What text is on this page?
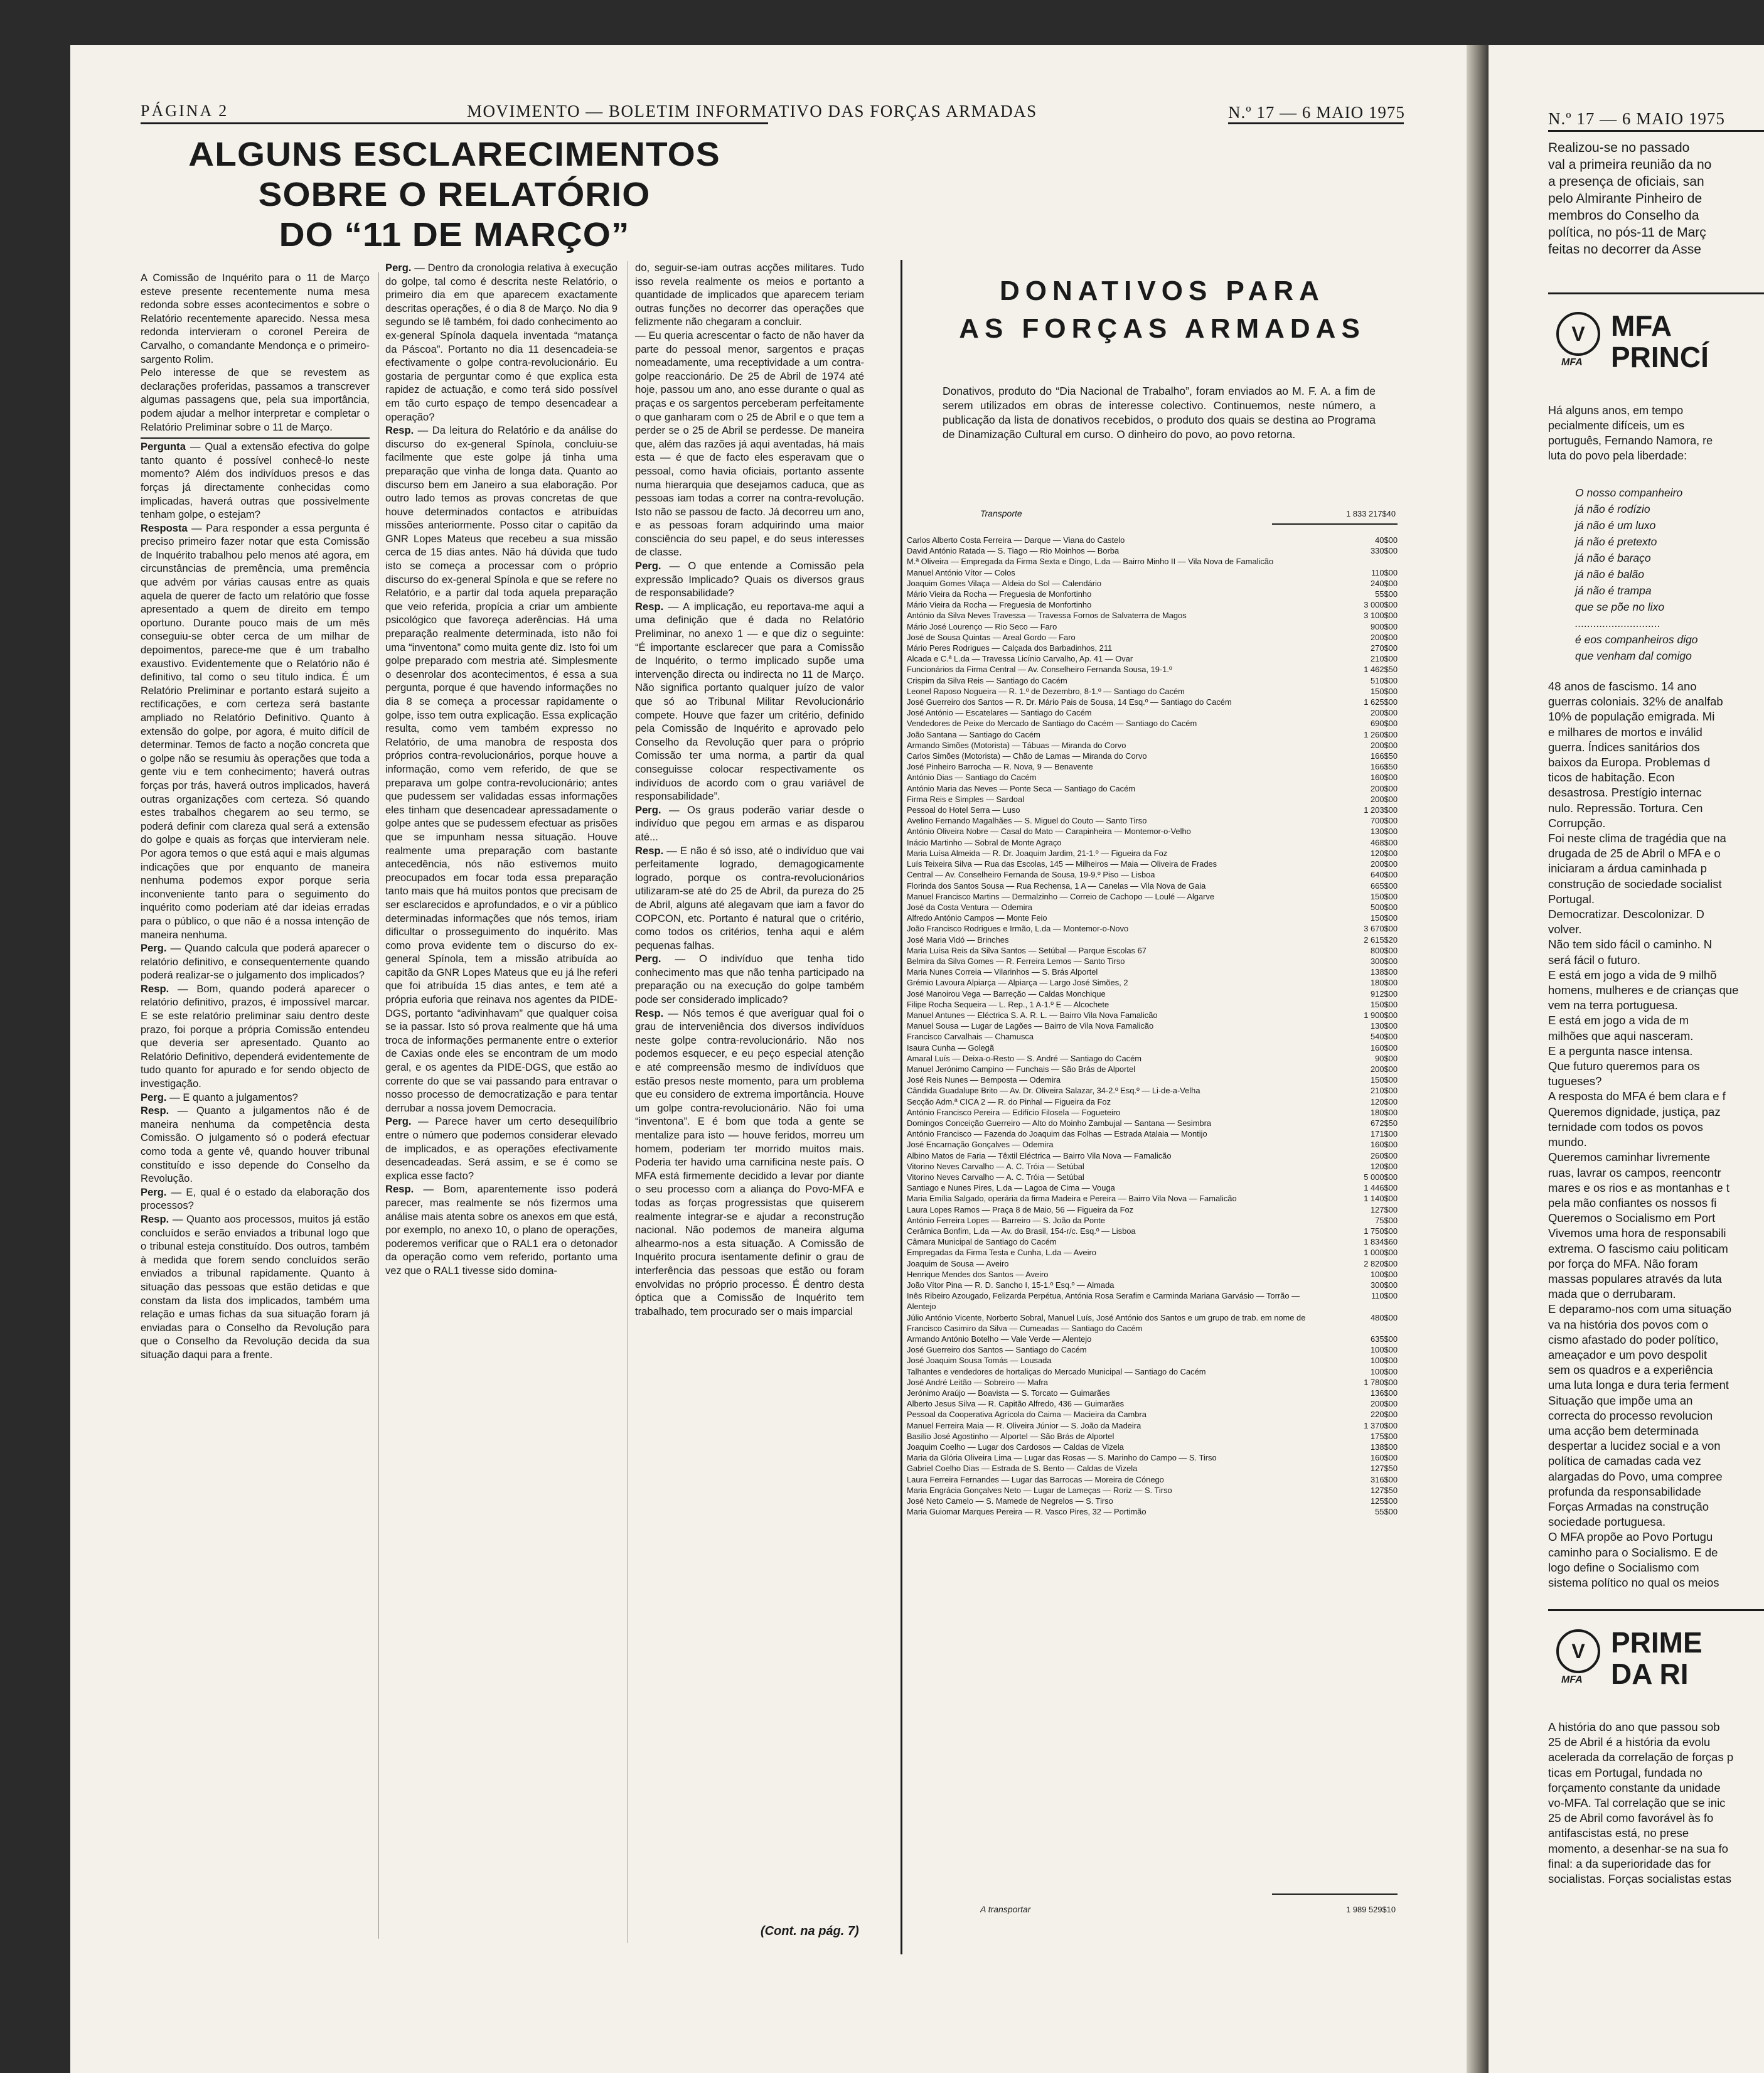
PÁGINA 2	MOVIMENTO — BOLETIM INFORMATIVO DAS FORÇAS ARMADAS	N.º 17 — 6 MAIO 1975
ALGUNS ESCLARECIMENTOS
SOBRE O RELATÓRIO
DO “11 DE MARÇO”

A Comissão de Inquérito para o 11 de Março esteve presente recentemente numa mesa redonda sobre esses acontecimentos e sobre o Relatório recentemente aparecido. Nessa mesa redonda intervieram o coronel Pereira de Carvalho, o comandante Mendonça e o primeiro-sargento Rolim.

Pelo interesse de que se revestem as declarações proferidas, passamos a transcrever algumas passagens que, pela sua importância, podem ajudar a melhor interpretar e completar o Relatório Preliminar sobre o 11 de Março.

Pergunta — Qual a extensão efectiva do golpe tanto quanto é possível conhecê-lo neste momento? Além dos indivíduos presos e das forças já directamente conhecidas como implicadas, haverá outras que possivelmente tenham golpe, o estejam?

Resposta — Para responder a essa pergunta é preciso primeiro fazer notar que esta Comissão de Inquérito trabalhou pelo menos até agora, em circunstâncias de premência, uma premência que advém por várias causas entre as quais aquela de querer de facto um relatório que fosse apresentado a quem de direito em tempo oportuno. Durante pouco mais de um mês conseguiu-se obter cerca de um milhar de depoimentos, parece-me que é um trabalho exaustivo. Evidentemente que o Relatório não é definitivo, tal como o seu título indica. É um Relatório Preliminar e portanto estará sujeito a rectificações, e com certeza será bastante ampliado no Relatório Definitivo. Quanto à extensão do golpe, por agora, é muito difícil de determinar. Temos de facto a noção concreta que o golpe não se resumiu às operações que toda a gente viu e tem conhecimento; haverá outras forças por trás, haverá outros implicados, haverá outras organizações com certeza. Só quando estes trabalhos chegarem ao seu termo, se poderá definir com clareza qual será a extensão do golpe e quais as forças que intervieram nele. Por agora temos o que está aqui e mais algumas indicações que por enquanto de maneira nenhuma podemos expor porque seria inconveniente tanto para o seguimento do inquérito como poderiam até dar ideias erradas para o público, o que não é a nossa intenção de maneira nenhuma.

Perg. — Quando calcula que poderá aparecer o relatório definitivo, e consequentemente quando poderá realizar-se o julgamento dos implicados?

Resp. — Bom, quando poderá aparecer o relatório definitivo, prazos, é impossível marcar. E se este relatório preliminar saiu dentro deste prazo, foi porque a própria Comissão entendeu que deveria ser apresentado. Quanto ao Relatório Definitivo, dependerá evidentemente de tudo quanto for apurado e for sendo objecto de investigação.

Perg. — E quanto a julgamentos?

Resp. — Quanto a julgamentos não é de maneira nenhuma da competência desta Comissão. O julgamento só o poderá efectuar como toda a gente vê, quando houver tribunal constituído e isso depende do Conselho da Revolução.

Perg. — E, qual é o estado da elaboração dos processos?

Resp. — Quanto aos processos, muitos já estão concluídos e serão enviados a tribunal logo que o tribunal esteja constituído. Dos outros, também à medida que forem sendo concluídos serão enviados a tribunal rapidamente. Quanto à situação das pessoas que estão detidas e que constam da lista dos implicados, também uma relação e umas fichas da sua situação foram já enviadas para o Conselho da Revolução para que o Conselho da Revolução decida da sua situação daqui para a frente.

Perg. — Dentro da cronologia relativa à execução do golpe, tal como é descrita neste Relatório, o primeiro dia em que aparecem exactamente descritas operações, é o dia 8 de Março. No dia 9 segundo se lê também, foi dado conhecimento ao ex-general Spínola daquela inventada “matança da Páscoa”. Portanto no dia 11 desencadeia-se efectivamente o golpe contra-revolucionário. Eu gostaria de perguntar como é que explica esta rapidez de actuação, e como terá sido possível em tão curto espaço de tempo desencadear a operação?

Resp. — Da leitura do Relatório e da análise do discurso do ex-general Spínola, concluiu-se facilmente que este golpe já tinha uma preparação que vinha de longa data. Quanto ao discurso bem em Janeiro a sua elaboração. Por outro lado temos as provas concretas de que houve determinados contactos e atribuídas missões anteriormente. Posso citar o capitão da GNR Lopes Mateus que recebeu a sua missão cerca de 15 dias antes. Não há dúvida que tudo isto se começa a processar com o próprio discurso do ex-general Spínola e que se refere no Relatório, e a partir dal toda aquela preparação que veio referida, propícia a criar um ambiente psicológico que favoreça aderências. Há uma preparação realmente determinada, isto não foi uma “inventona” como muita gente diz. Isto foi um golpe preparado com mestria até. Simplesmente o desenrolar dos acontecimentos, é essa a sua pergunta, porque é que havendo informações no dia 8 se começa a processar rapidamente o golpe, isso tem outra explicação. Essa explicação resulta, como vem também expresso no Relatório, de uma manobra de resposta dos próprios contra-revolucionários, porque houve a informação, como vem referido, de que se preparava um golpe contra-revolucionário; antes que pudessem ser validadas essas informações eles tinham que desencadear apressadamente o golpe antes que se pudessem efectuar as prisões que se impunham nessa situação. Houve realmente uma preparação com bastante antecedência, nós não estivemos muito preocupados em focar toda essa preparação tanto mais que há muitos pontos que precisam de ser esclarecidos e aprofundados, e o vir a público determinadas informações que nós temos, iriam dificultar o prosseguimento do inquérito. Mas como prova evidente tem o discurso do ex-general Spínola, tem a missão atribuída ao capitão da GNR Lopes Mateus que eu já lhe referi que foi atribuída 15 dias antes, e tem até a própria euforia que reinava nos agentes da PIDE-DGS, portanto “adivinhavam” que qualquer coisa se ia passar. Isto só prova realmente que há uma troca de informações permanente entre o exterior de Caxias onde eles se encontram de um modo geral, e os agentes da PIDE-DGS, que estão ao corrente do que se vai passando para entravar o nosso processo de democratização e para tentar derrubar a nossa jovem Democracia.

Perg. — Parece haver um certo desequilíbrio entre o número que podemos considerar elevado de implicados, e as operações efectivamente desencadeadas. Será assim, e se é como se explica esse facto?

Resp. — Bom, aparentemente isso poderá parecer, mas realmente se nós fizermos uma análise mais atenta sobre os anexos em que está, por exemplo, no anexo 10, o plano de operações, poderemos verificar que o RAL1 era o detonador da operação como vem referido, portanto uma vez que o RAL1 tivesse sido domina-

do, seguir-se-iam outras acções militares. Tudo isso revela realmente os meios e portanto a quantidade de implicados que aparecem teriam outras funções no decorrer das operações que felizmente não chegaram a concluir.

— Eu queria acrescentar o facto de não haver da parte do pessoal menor, sargentos e praças nomeadamente, uma receptividade a um contra-golpe reaccionário. De 25 de Abril de 1974 até hoje, passou um ano, ano esse durante o qual as praças e os sargentos perceberam perfeitamente o que ganharam com o 25 de Abril e o que tem a perder se o 25 de Abril se perdesse. De maneira que, além das razões já aqui aventadas, há mais esta — é que de facto eles esperavam que o pessoal, como havia oficiais, portanto assente numa hierarquia que desejamos caduca, que as pessoas iam todas a correr na contra-revolução. Isto não se passou de facto. Já decorreu um ano, e as pessoas foram adquirindo uma maior consciência do seu papel, e do seus interesses de classe.

Perg. — O que entende a Comissão pela expressão Implicado? Quais os diversos graus de responsabilidade?

Resp. — A implicação, eu reportava-me aqui a uma definição que é dada no Relatório Preliminar, no anexo 1 — e que diz o seguinte: “É importante esclarecer que para a Comissão de Inquérito, o termo implicado supõe uma intervenção directa ou indirecta no 11 de Março. Não significa portanto qualquer juízo de valor que só ao Tribunal Militar Revolucionário compete. Houve que fazer um critério, definido pela Comissão de Inquérito e aprovado pelo Conselho da Revolução quer para o próprio Comissão ter uma norma, a partir da qual conseguisse colocar respectivamente os indivíduos de acordo com o grau variável de responsabilidade”.

Perg. — Os graus poderão variar desde o indivíduo que pegou em armas e as disparou até...

Resp. — E não é só isso, até o indivíduo que vai perfeitamente logrado, demagogicamente logrado, porque os contra-revolucionários utilizaram-se até do 25 de Abril, da pureza do 25 de Abril, alguns até alegavam que iam a favor do COPCON, etc. Portanto é natural que o critério, como todos os critérios, tenha aqui e além pequenas falhas.

Perg. — O indivíduo que tenha tido conhecimento mas que não tenha participado na preparação ou na execução do golpe também pode ser considerado implicado?

Resp. — Nós temos é que averiguar qual foi o grau de interveniência dos diversos indivíduos neste golpe contra-revolucionário. Não nos podemos esquecer, e eu peço especial atenção e até compreensão mesmo de indivíduos que estão presos neste momento, para um problema que eu considero de extrema importância. Houve um golpe contra-revolucionário. Não foi uma “inventona”. E é bom que toda a gente se mentalize para isto — houve feridos, morreu um homem, poderiam ter morrido muitos mais. Poderia ter havido uma carnificina neste país. O MFA está firmemente decidido a levar por diante o seu processo com a aliança do Povo-MFA e todas as forças progressistas que quiserem realmente integrar-se e ajudar a reconstrução nacional. Não podemos de maneira alguma alhearmo-nos a esta situação. A Comissão de Inquérito procura isentamente definir o grau de interferência das pessoas que estão ou foram envolvidas no próprio processo. É dentro desta óptica que a Comissão de Inquérito tem trabalhado, tem procurado ser o mais imparcial

(Cont. na pág. 7)
DONATIVOS PARA
AS FORÇAS ARMADAS
Donativos, produto do “Dia Nacional de Trabalho”, foram enviados ao M. F. A. a fim de serem utilizados em obras de interesse colectivo. Continuemos, neste número, a publicação da lista de donativos recebidos, o produto dos quais se destina ao Programa de Dinamização Cultural em curso. O dinheiro do povo, ao povo retorna.
Transporte	1 833 217$40
Carlos Alberto Costa Ferreira — Darque — Viana do Castelo	40$00
David António Ratada — S. Tiago — Rio Moinhos — Borba	330$00
M.ª Oliveira — Empregada da Firma Sexta e Dingo, L.da — Bairro Minho II — Vila Nova de Famalicão
Manuel António Vítor — Colos	110$00
Joaquim Gomes Vilaça — Aldeia do Sol — Calendário	240$00
Mário Vieira da Rocha — Freguesia de Monfortinho	55$00
Mário Vieira da Rocha — Freguesia de Monfortinho	3 000$00
António da Silva Neves Travessa — Travessa Fornos de Salvaterra de Magos	3 100$00
Mário José Lourenço — Rio Seco — Faro	900$00
José de Sousa Quintas — Areal Gordo — Faro	200$00
Mário Peres Rodrigues — Calçada dos Barbadinhos, 211	270$00
Alcada e C.ª L.da — Travessa Licínio Carvalho, Ap. 41 — Ovar	210$00
Funcionários da Firma Central — Av. Conselheiro Fernanda Sousa, 19-1.º	1 462$50
Crispim da Silva Reis — Santiago do Cacém	510$00
Leonel Raposo Nogueira — R. 1.º de Dezembro, 8-1.º — Santiago do Cacém	150$00
José Guerreiro dos Santos — R. Dr. Mário Pais de Sousa, 14 Esq.º — Santiago do Cacém	1 625$00
José António — Escatelares — Santiago do Cacém	200$00
Vendedores de Peixe do Mercado de Santiago do Cacém — Santiago do Cacém	690$00
João Santana — Santiago do Cacém	1 260$00
Armando Simões (Motorista) — Tábuas — Miranda do Corvo	200$00
Carlos Simões (Motorista) — Chão de Lamas — Miranda do Corvo	166$50
José Pinheiro Barrocha — R. Nova, 9 — Benavente	166$50
António Dias — Santiago do Cacém	160$00
António Maria das Neves — Ponte Seca — Santiago do Cacém	200$00
Firma Reis e Simples — Sardoal	200$00
Pessoal do Hotel Serra — Luso	1 203$00
Avelino Fernando Magalhães — S. Miguel do Couto — Santo Tirso	700$00
António Oliveira Nobre — Casal do Mato — Carapinheira — Montemor-o-Velho	130$00
Inácio Martinho — Sobral de Monte Agraço	468$00
Maria Luísa Almeida — R. Dr. Joaquim Jardim, 21-1.º — Figueira da Foz	120$00
Luís Teixeira Silva — Rua das Escolas, 145 — Milheiros — Maia — Oliveira de Frades	200$00
Central — Av. Conselheiro Fernanda de Sousa, 19-9.º Piso — Lisboa	640$00
Florinda dos Santos Sousa — Rua Rechensa, 1 A — Canelas — Vila Nova de Gaia	665$00
Manuel Francisco Martins — Dermalzinho — Correio de Cachopo — Loulé — Algarve	150$00
José da Costa Ventura — Odemira	500$00
Alfredo António Campos — Monte Feio	150$00
João Francisco Rodrigues e Irmão, L.da — Montemor-o-Novo	3 670$00
José Maria Vidó — Brinches	2 615$20
Maria Luísa Reis da Silva Santos — Setúbal — Parque Escolas 67	800$00
Belmira da Silva Gomes — R. Ferreira Lemos — Santo Tirso	300$00
Maria Nunes Correia — Vilarinhos — S. Brás Alportel	138$00
Grémio Lavoura Alpiarça — Alpiarça — Largo José Simões, 2	180$00
José Manoirou Vega — Barreção — Caldas Monchique	912$00
Filipe Rocha Sequeira — L. Rep., 1 A-1.º E — Alcochete	150$00
Manuel Antunes — Eléctrica S. A. R. L. — Bairro Vila Nova Famalicão	1 900$00
Manuel Sousa — Lugar de Lagões — Bairro de Vila Nova Famalicão	130$00
Francisco Carvalhais — Chamusca	540$00
Isaura Cunha — Golegã	160$00
Amaral Luís — Deixa-o-Resto — S. André — Santiago do Cacém	90$00
Manuel Jerónimo Campino — Funchais — São Brás de Alportel	200$00
José Reis Nunes — Bemposta — Odemira	150$00
Cândida Guadalupe Brito — Av. Dr. Oliveira Salazar, 34-2.º Esq.º — Li-de-a-Velha	210$00
Secção Adm.ª CICA 2 — R. do Pinhal — Figueira da Foz	120$00
António Francisco Pereira — Edifício Filosela — Fogueteiro	180$00
Domingos Conceição Guerreiro — Alto do Moinho Zambujal — Santana — Sesimbra	672$50
António Francisco — Fazenda do Joaquim das Folhas — Estrada Atalaia — Montijo	171$00
José Encarnação Gonçalves — Odemira	160$00
Albino Matos de Faria — Têxtil Eléctrica — Bairro Vila Nova — Famalicão	260$00
Vitorino Neves Carvalho — A. C. Tróia — Setúbal	120$00
Vitorino Neves Carvalho — A. C. Tróia — Setúbal	5 000$00
Santiago e Nunes Pires, L.da — Lagoa de Cima — Vouga	1 446$00
Maria Emília Salgado, operária da firma Madeira e Pereira — Bairro Vila Nova — Famalicão	1 140$00
Laura Lopes Ramos — Praça 8 de Maio, 56 — Figueira da Foz	127$00
António Ferreira Lopes — Barreiro — S. João da Ponte	75$00
Cerâmica Bonfim, L.da — Av. do Brasil, 154-r/c. Esq.º — Lisboa	1 750$00
Câmara Municipal de Santiago do Cacém	1 834$60
Empregadas da Firma Testa e Cunha, L.da — Aveiro	1 000$00
Joaquim de Sousa — Aveiro	2 820$00
Henrique Mendes dos Santos — Aveiro	100$00
João Vítor Pina — R. D. Sancho I, 15-1.º Esq.º — Almada	300$00
Inês Ribeiro Azougado, Felizarda Perpétua, Antónia Rosa Serafim e Carminda Mariana Garvásio — Torrão — Alentejo
110$00
Júlio António Vicente, Norberto Sobral, Manuel Luís, José António dos Santos e um grupo de trab. em nome de Francisco Casimiro da Silva — Cumeadas — Santiago do Cacém
480$00
Armando António Botelho — Vale Verde — Alentejo	635$00
José Guerreiro dos Santos — Santiago do Cacém	100$00
José Joaquim Sousa Tomás — Lousada	100$00
Talhantes e vendedores de hortaliças do Mercado Municipal — Santiago do Cacém	100$00
José André Leitão — Sobreiro — Mafra	1 780$00
Jerónimo Araújo — Boavista — S. Torcato — Guimarães	136$00
Alberto Jesus Silva — R. Capitão Alfredo, 436 — Guimarães	200$00
Pessoal da Cooperativa Agrícola do Caima — Macieira da Cambra	220$00
Manuel Ferreira Maia — R. Oliveira Júnior — S. João da Madeira	1 370$00
Basílio José Agostinho — Alportel — São Brás de Alportel	175$00
Joaquim Coelho — Lugar dos Cardosos — Caldas de Vizela	138$00
Maria da Glória Oliveira Lima — Lugar das Rosas — S. Marinho do Campo — S. Tirso	160$00
Gabriel Coelho Dias — Estrada de S. Bento — Caldas de Vizela	127$50
Laura Ferreira Fernandes — Lugar das Barrocas — Moreira de Cónego	316$00
Maria Engrácia Gonçalves Neto — Lugar de Lameças — Roriz — S. Tirso	127$50
José Neto Camelo — S. Mamede de Negrelos — S. Tirso	125$00
Maria Guiomar Marques Pereira — R. Vasco Pires, 32 — Portimão	55$00
A transportar	1 989 529$10
N.º 17 — 6 MAIO 1975
Realizou-se no passado
val a primeira reunião da no
a presença de oficiais, san
pelo Almirante Pinheiro de
membros do Conselho da
política, no pós-11 de Març
feitas no decorrer da Asse
V
MFA
MFA
PRINCÍ
Há alguns anos, em tempo
pecialmente difíceis, um es
português, Fernando Namora, re
luta do povo pela liberdade:
O nosso companheiro
já não é rodízio
já não é um luxo
já não é pretexto
já não é baraço
já não é balão
já não é trampa
que se põe no lixo
............................
é eos companheiros digo
que venham dal comigo
48 anos de fascismo. 14 ano
guerras coloniais. 32% de analfab
10% de população emigrada. Mi
e milhares de mortos e inválid
guerra. Índices sanitários dos
baixos da Europa. Problemas d
ticos de habitação. Econ
desastrosa. Prestígio internac
nulo. Repressão. Tortura. Cen
Corrupção.
Foi neste clima de tragédia que na
drugada de 25 de Abril o MFA e o
iniciaram a árdua caminhada p
construção de sociedade socialist
Portugal.
Democratizar. Descolonizar. D
volver.
Não tem sido fácil o caminho. N
será fácil o futuro.
E está em jogo a vida de 9 milhõ
homens, mulheres e de crianças que
vem na terra portuguesa.
E está em jogo a vida de m
milhões que aqui nasceram.
E a pergunta nasce intensa.
Que futuro queremos para os
tugueses?
A resposta do MFA é bem clara e f
Queremos dignidade, justiça, paz
ternidade com todos os povos
mundo.
Queremos caminhar livremente
ruas, lavrar os campos, reencontr
mares e os rios e as montanhas e t
pela mão confiantes os nossos fi
Queremos o Socialismo em Port
Vivemos uma hora de responsabili
extrema. O fascismo caiu politicam
por força do MFA. Não foram
massas populares através da luta
mada que o derrubaram.
E deparamo-nos com uma situação
va na história dos povos com o
cismo afastado do poder político,
ameaçador e um povo despolit
sem os quadros e a experiência
uma luta longa e dura teria ferment
Situação que impõe uma an
correcta do processo revolucion
uma acção bem determinada
despertar a lucidez social e a von
política de camadas cada vez
alargadas do Povo, uma compree
profunda da responsabilidade
Forças Armadas na construção
sociedade portuguesa.
O MFA propõe ao Povo Portugu
caminho para o Socialismo. E de
logo define o Socialismo com
sistema político no qual os meios
V
MFA
PRIME
DA RI
A história do ano que passou sob
25 de Abril é a história da evolu
acelerada da correlação de forças p
ticas em Portugal, fundada no
forçamento constante da unidade
vo-MFA. Tal correlação que se inic
25 de Abril como favorável às fo
antifascistas está, no prese
momento, a desenhar-se na sua fo
final: a da superioridade das for
socialistas. Forças socialistas estas
